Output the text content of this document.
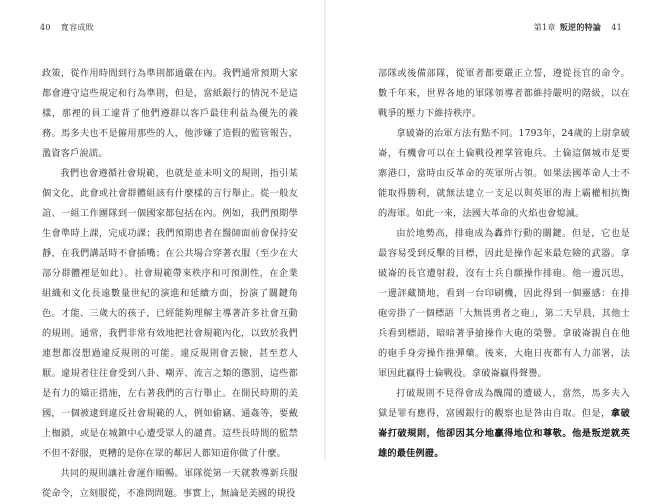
40 寬容成敗

政策，從作用時間到行為準則都過嚴在內。我們通常預期大家都會遵守這些規定和行為準則，但是，當紙銀行的情況不是這樣，那裡的員工違背了他們遵群以客戶最佳利益為優先的義務。馬多夫也不是僱用那些的人，他涉嫌了造假的監管報告，濫資客戶說謊。

我們也會遵循社會規範，也就是並未明文的規則，指引某個文化，此會或社會群體組該有什麼樣的言行舉止。從一般友誼、一組工作團隊到一個國家都包括在內。例如，我們預期學生會準時上課，完成功課；我們預期患者在醫師面前會保持安靜，在我們講話時不會插嘴；在公共場合穿著衣服（至少在大部分群體裡是如此）。社會規範帶來秩序和可預測性，在企業組織和文化長遠數量世紀的演進和延續方面，扮演了關鍵角色。才能、三歲大的孩子，已經能夠理解主導著許多社會互動的規則。通常，我們非常有效地把社會規範內化，以致於我們連想都沒想過違反規則的可能。違反規則會丟臉，甚至惹人厭。違規者往往會受到八卦、嘲弄、流言之類的懲罰，這些都是有力的矯正措施，左右著我們的言行舉止。在開民時期的美國，一個被逮到違反社會規範的人，例如偷竊、通姦等，要戴上枷鎖，或是在城鎮中心遭受眾人的譴責。這些長時間的監禁不但不舒服，更糟的是你在眾的鄰居人都知道你做了什麼。

共同的規則讓社會運作順暢。軍隊從第一天就教導新兵服從命令，立刻服從，不准問問題。事實上，無論是美國的規役

第1章 叛逆的特論 41

部隊或後備部隊，從軍者都要嚴正立誓，遵從長官的命令。數千年來，世界各地的軍隊領導者都維持嚴明的階級，以在戰爭的壓力下維持秩序。

拿破崙的治軍方法有點不同。1793年，24歲的上尉拿破崙，有機會可以在土倫戰役裡掌管砲兵。土倫這個城市是要寨港口，當時由反革命的英軍所占領。如果法國革命人士不能取得勝利，就無法建立一支足以與英軍的海上霸權相抗衡的海軍。如此一來，法國大革命的火焰也會熄滅。

由於地勢高，排砲成為轟炸行動的關鍵。但是，它也是最容易受到反擊的目標，因此是操作起來最危險的武器。拿破崙的長官遭射殺，沒有士兵自願操作排砲。他一邊沉思，一邊評藏簡地，看到一台印刷機，因此得到一個靈感：在排砲旁掛了一個標語「大無畏勇者之砲」，第二天早晨，其他士兵看到標語，暗暗著爭搶操作大砲的榮譽。拿破崙親自在他的砲手身旁操作推彈藥。後來，大砲日夜都有人力部署，法軍因此贏得土倫戰役。拿破崙贏得聲譽。

打破規則不見得會成為醜聞的遭破人，當然，馬多夫入獄是罪有應得，富國銀行的觀察也是咎由自取。但是，拿破崙打破規則，他卻因其分地贏得地位和尊敬。他是叛逆就英雄的最佳例證。
